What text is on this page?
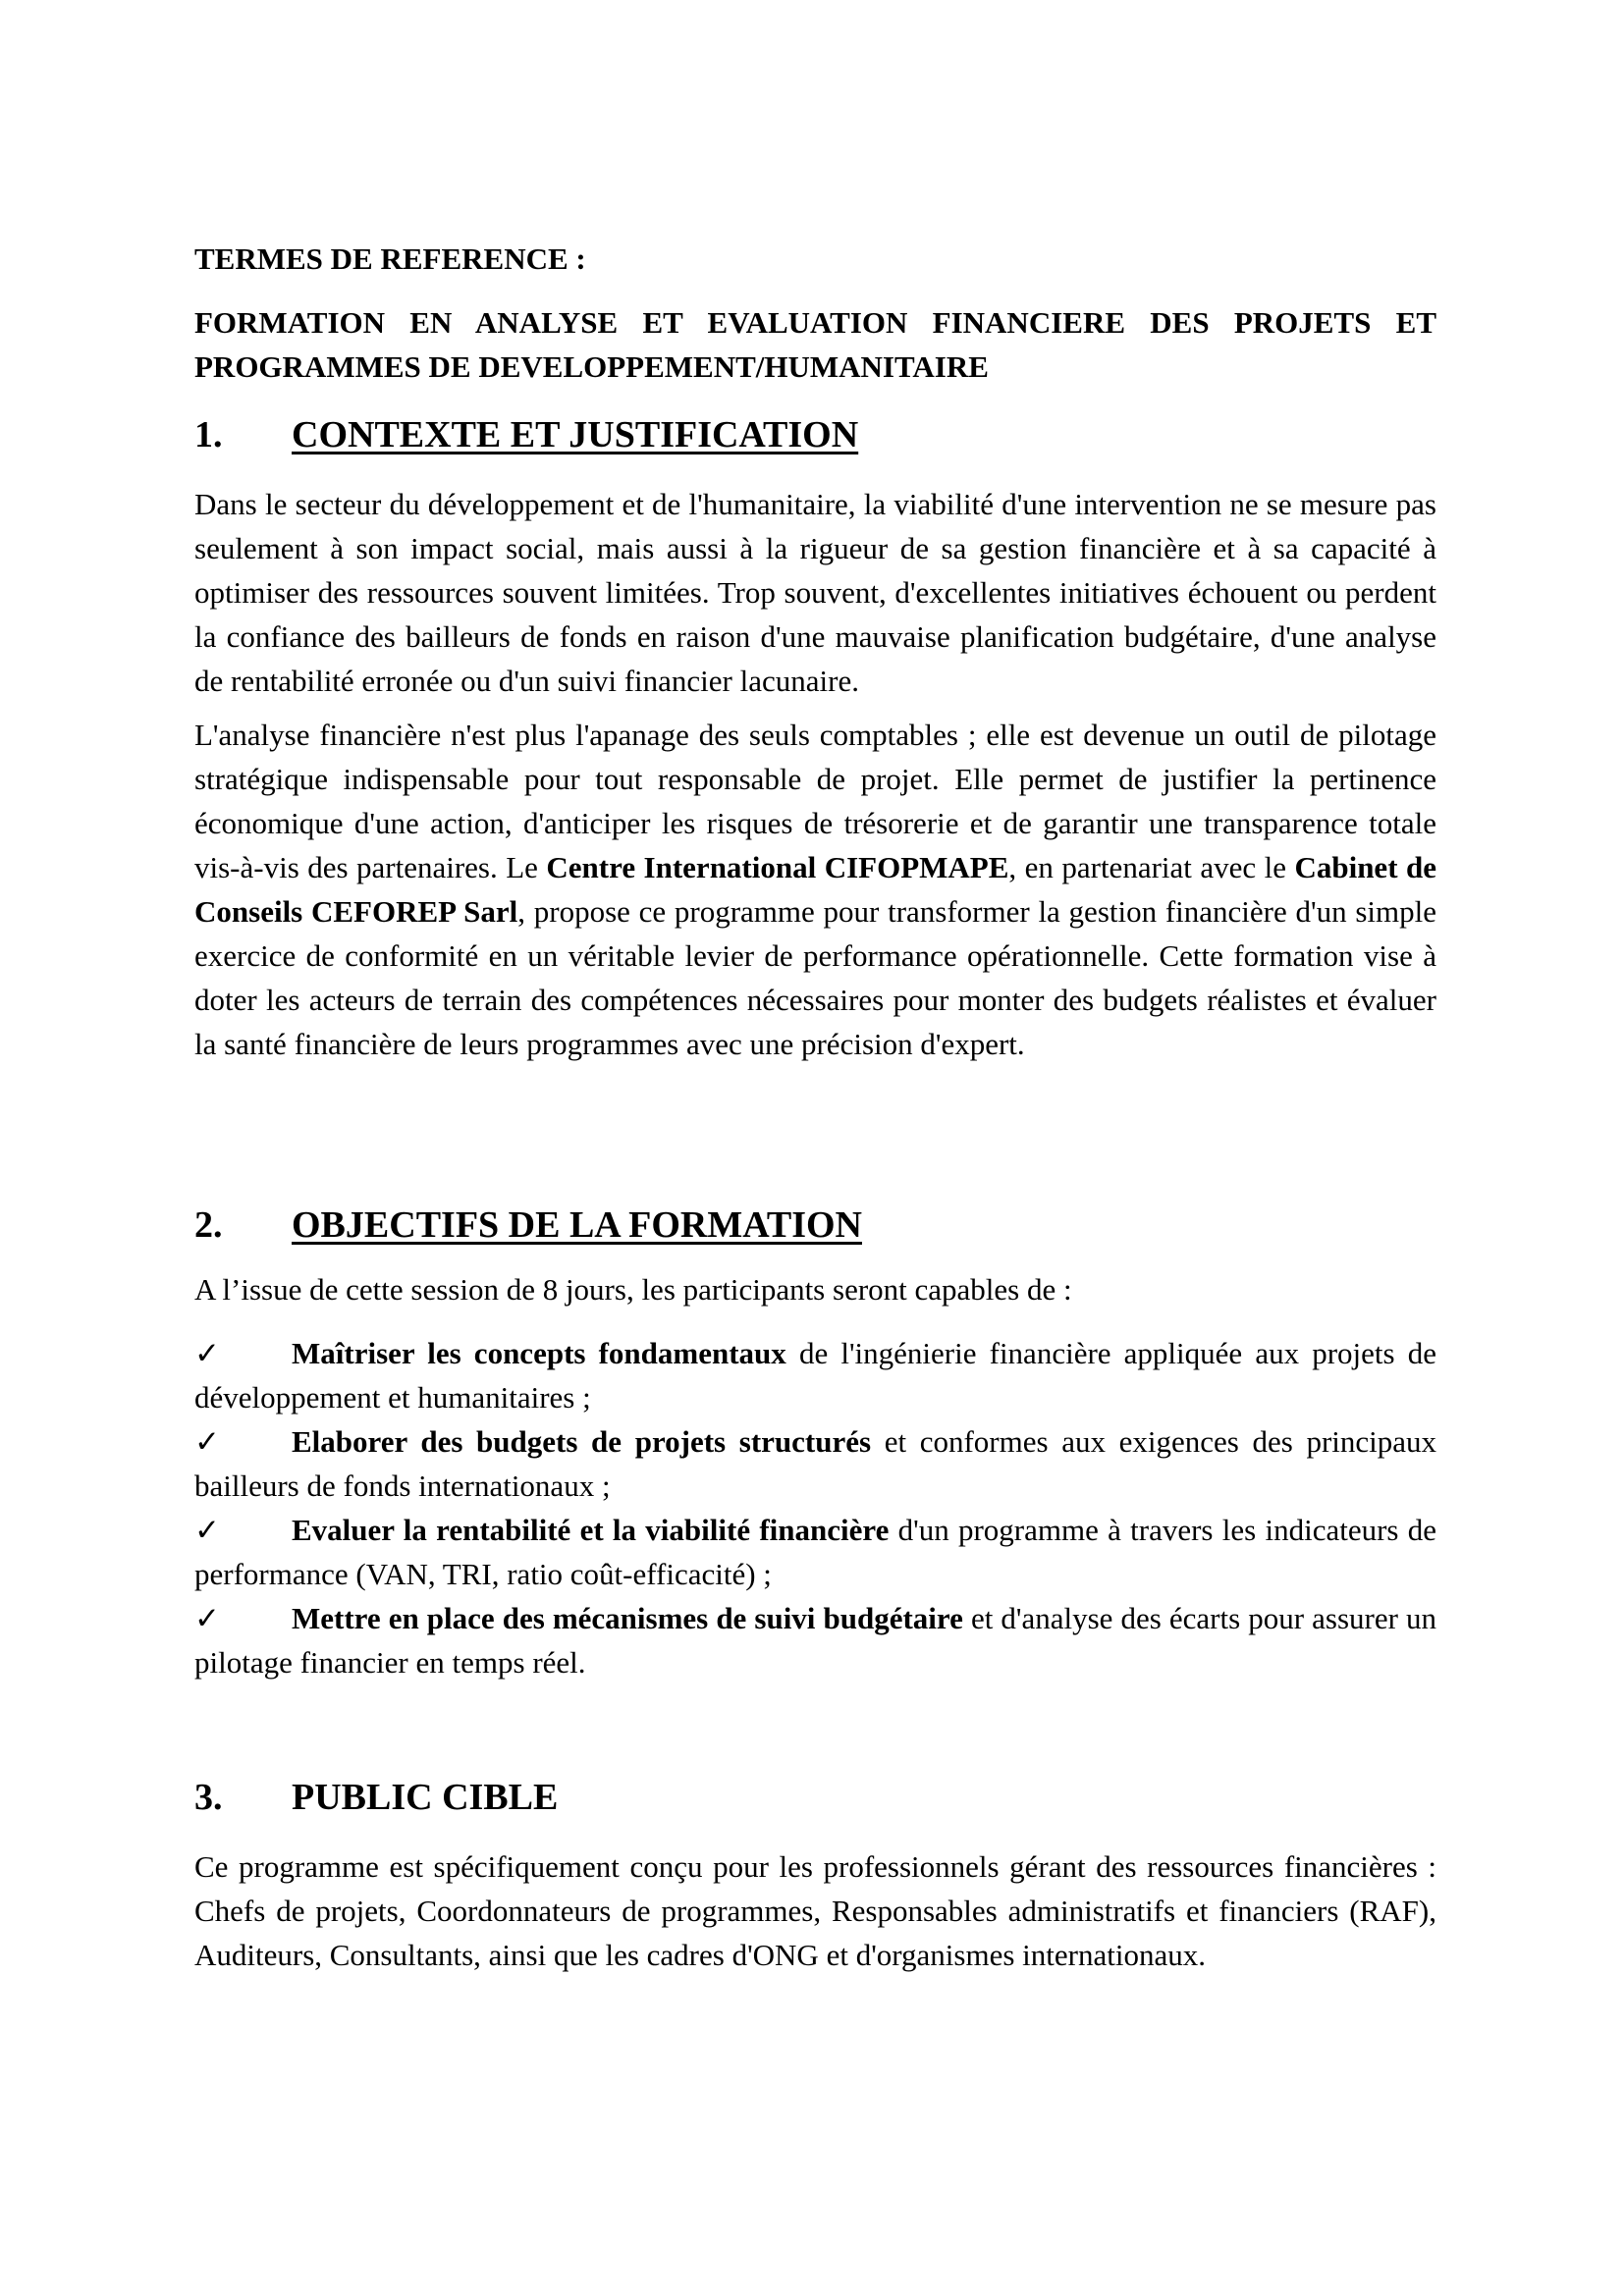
TERMES DE REFERENCE :
FORMATION EN ANALYSE ET EVALUATION FINANCIERE DES PROJETS ET PROGRAMMES DE DEVELOPPEMENT/HUMANITAIRE
1.	CONTEXTE ET JUSTIFICATION

Dans le secteur du développement et de l'humanitaire, la viabilité d'une intervention ne se mesure pas seulement à son impact social, mais aussi à la rigueur de sa gestion financière et à sa capacité à optimiser des ressources souvent limitées. Trop souvent, d'excellentes initiatives échouent ou perdent la confiance des bailleurs de fonds en raison d'une mauvaise planification budgétaire, d'une analyse de rentabilité erronée ou d'un suivi financier lacunaire.

L'analyse financière n'est plus l'apanage des seuls comptables ; elle est devenue un outil de pilotage stratégique indispensable pour tout responsable de projet. Elle permet de justifier la pertinence économique d'une action, d'anticiper les risques de trésorerie et de garantir une transparence totale vis-à-vis des partenaires. Le Centre International CIFOPMAPE, en partenariat avec le Cabinet de Conseils CEFOREP Sarl, propose ce programme pour transformer la gestion financière d'un simple exercice de conformité en un véritable levier de performance opérationnelle. Cette formation vise à doter les acteurs de terrain des compétences nécessaires pour monter des budgets réalistes et évaluer la santé financière de leurs programmes avec une précision d'expert.

2.	OBJECTIFS DE LA FORMATION

A l’issue de cette session de 8 jours, les participants seront capables de :

✓ Maîtriser les concepts fondamentaux de l'ingénierie financière appliquée aux projets de développement et humanitaires ;

✓ Elaborer des budgets de projets structurés et conformes aux exigences des principaux bailleurs de fonds internationaux ;

✓ Evaluer la rentabilité et la viabilité financière d'un programme à travers les indicateurs de performance (VAN, TRI, ratio coût-efficacité) ;

✓ Mettre en place des mécanismes de suivi budgétaire et d'analyse des écarts pour assurer un pilotage financier en temps réel.

3.	PUBLIC CIBLE

Ce programme est spécifiquement conçu pour les professionnels gérant des ressources financières : Chefs de projets, Coordonnateurs de programmes, Responsables administratifs et financiers (RAF), Auditeurs, Consultants, ainsi que les cadres d'ONG et d'organismes internationaux.
